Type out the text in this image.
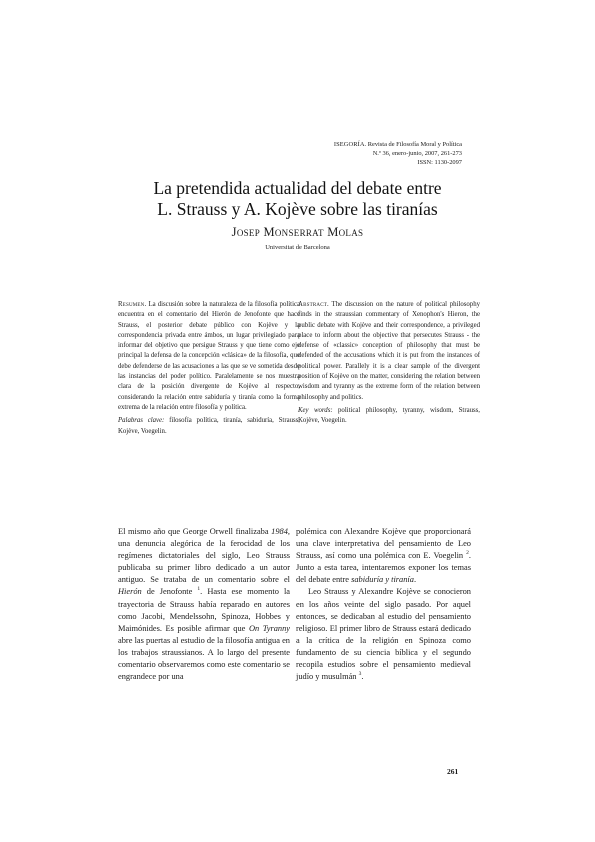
ISEGORÍA. Revista de Filosofía Moral y Política
N.º 36, enero-junio, 2007, 261-273
ISSN: 1130-2097
La pretendida actualidad del debate entre
L. Strauss y A. Kojève sobre las tiranías
Josep Monserrat Molas
Universitat de Barcelona
Resumen. La discusión sobre la naturaleza de la filosofía política encuentra en el comentario del Hierón de Jenofonte que hace Strauss, el posterior debate público con Kojève y la correspondencia privada entre ámbos, un lugar privilegiado para informar del objetivo que persigue Strauss y que tiene como eje principal la defensa de la concepción «clásica» de la filosofía, que debe defenderse de las acusaciones a las que se ve sometida desde las instancias del poder político. Paralelamente se nos muestra clara de la posición divergente de Kojève al respecto, considerando la relación entre sabiduría y tiranía como la forma extrema de la relación entre filosofía y política.
Palabras clave: filosofía política, tiranía, sabiduría, Strauss, Kojève, Voegelin.
Abstract. The discussion on the nature of political philosophy finds in the straussian commentary of Xenophon's Hieron, the public debate with Kojève and their correspondence, a privileged place to inform about the objective that persecutes Strauss - the defense of «classic» conception of philosophy that must be defended of the accusations which it is put from the instances of political power. Parallely it is a clear sample of the divergent position of Kojève on the matter, considering the relation between wisdom and tyranny as the extreme form of the relation between philosophy and politics.
Key words: political philosophy, tyranny, wisdom, Strauss, Kojève, Voegelin.

El mismo año que George Orwell finalizaba 1984, una denuncia alegórica de la ferocidad de los regímenes dictatoriales del siglo, Leo Strauss publicaba su primer libro dedicado a un autor antiguo. Se trataba de un comentario sobre el Hierón de Jenofonte $^1$. Hasta ese momento la trayectoria de Strauss había reparado en autores como Jacobi, Mendelssohn, Spinoza, Hobbes y Maimónides. Es posible afirmar que On Tyranny abre las puertas al estudio de la filosofía antigua en los trabajos straussianos. A lo largo del presente comentario observaremos como este comentario se engrandece por una

polémica con Alexandre Kojève que proporcionará una clave interpretativa del pensamiento de Leo Strauss, así como una polémica con E. Voegelin $^2$. Junto a esta tarea, intentaremos exponer los temas del debate entre sabiduría y tiranía.

Leo Strauss y Alexandre Kojève se conocieron en los años veinte del siglo pasado. Por aquel entonces, se dedicaban al estudio del pensamiento religioso. El primer libro de Strauss estará dedicado a la crítica de la religión en Spinoza como fundamento de su ciencia bíblica y el segundo recopila estudios sobre el pensamiento medieval judío y musulmán $^3$.

261
